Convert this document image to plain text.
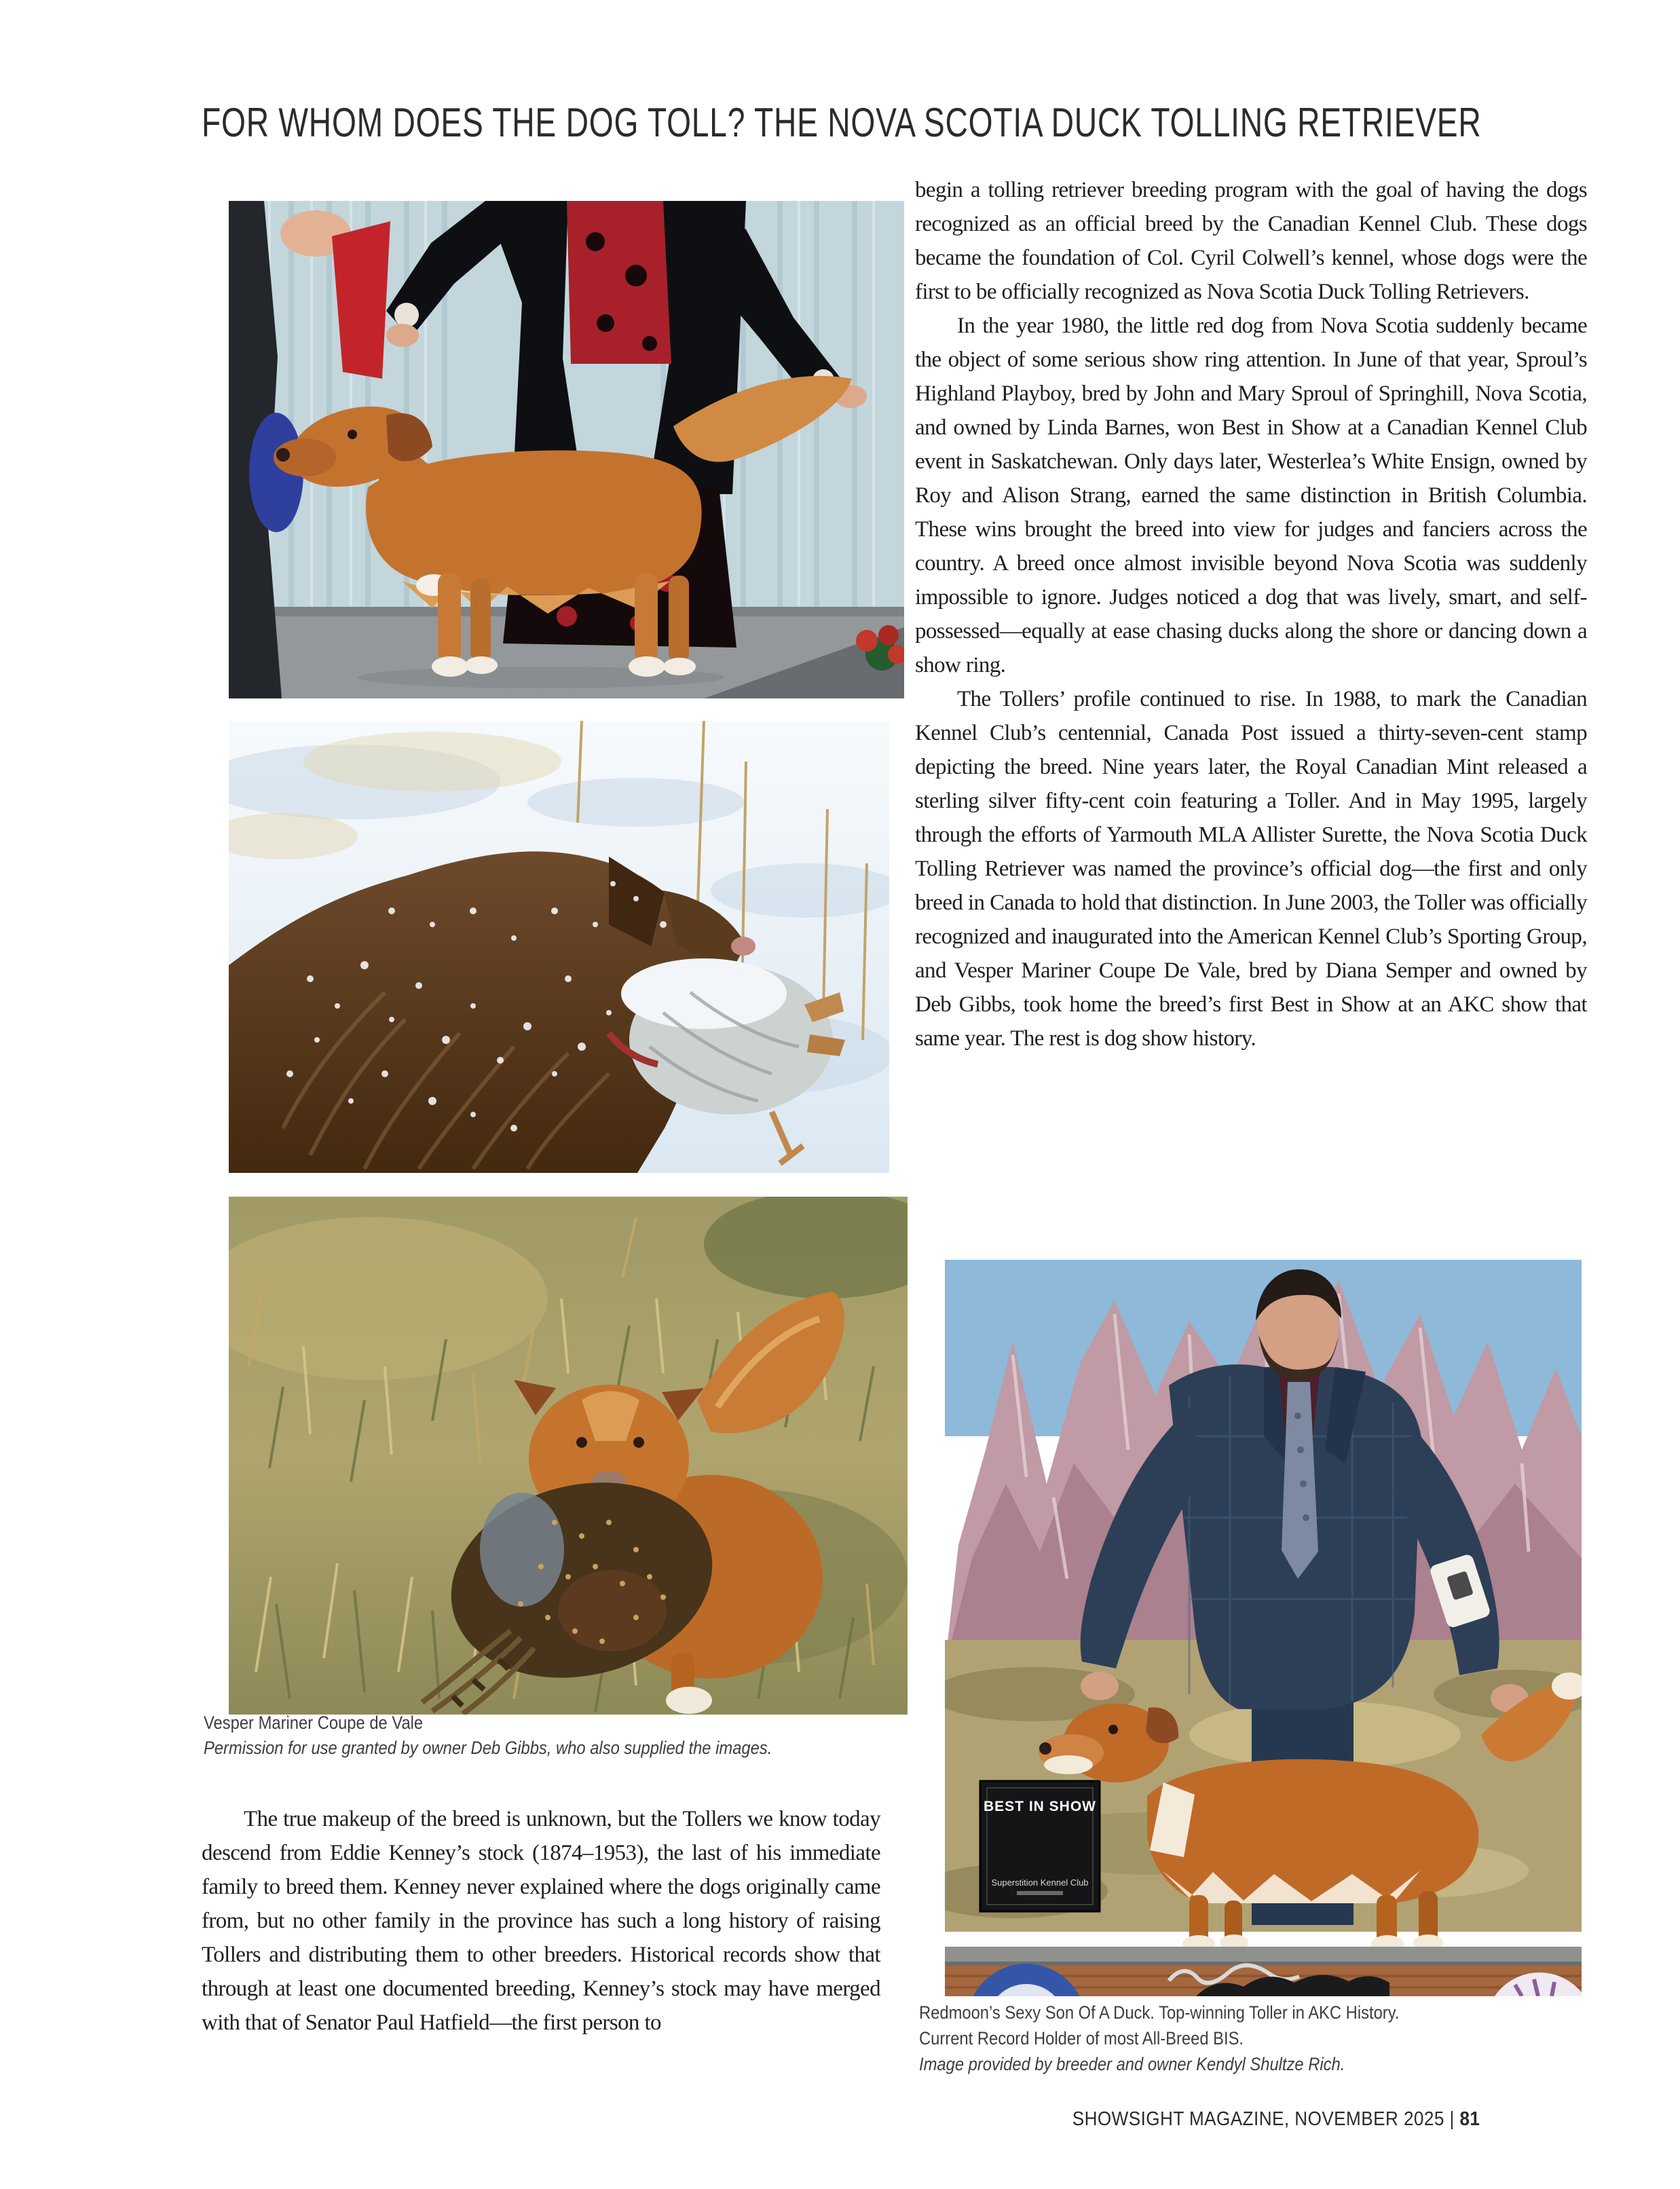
FOR WHOM DOES THE DOG TOLL? THE NOVA SCOTIA DUCK TOLLING RETRIEVER
BEST IN SHOW
Superstition Kennel Club
Vesper Mariner Coupe de Vale
Permission for use granted by owner Deb Gibbs, who also supplied the images.
Redmoon’s Sexy Son Of A Duck. Top-winning Toller in AKC History.
Current Record Holder of most All-Breed BIS.
Image provided by breeder and owner Kendyl Shultze Rich.

begin a tolling retriever breeding program with the goal of having the dogs recognized as an official breed by the Canadian Kennel Club. These dogs became the foundation of Col. Cyril Colwell’s kennel, whose dogs were the first to be officially recognized as Nova Scotia Duck Tolling Retrievers.

In the year 1980, the little red dog from Nova Scotia suddenly became the object of some serious show ring attention. In June of that year, Sproul’s Highland Playboy, bred by John and Mary Sproul of Springhill, Nova Scotia, and owned by Linda Barnes, won Best in Show at a Canadian Kennel Club event in Saskatchewan. Only days later, Westerlea’s White Ensign, owned by Roy and Alison Strang, earned the same distinction in British Columbia. These wins brought the breed into view for judges and fanciers across the country. A breed once almost invisible beyond Nova Scotia was suddenly impossible to ignore. Judges noticed a dog that was lively, smart, and self-possessed—equally at ease chasing ducks along the shore or dancing down a show ring.

The Tollers’ profile continued to rise. In 1988, to mark the Canadian Kennel Club’s centennial, Canada Post issued a thirty-seven-cent stamp depicting the breed. Nine years later, the Royal Canadian Mint released a sterling silver fifty-cent coin featuring a Toller. And in May 1995, largely through the efforts of Yarmouth MLA Allister Surette, the Nova Scotia Duck Tolling Retriever was named the province’s official dog—the first and only breed in Canada to hold that distinction. In June 2003, the Toller was officially recognized and inaugurated into the American Kennel Club’s Sporting Group, and Vesper Mariner Coupe De Vale, bred by Diana Semper and owned by Deb Gibbs, took home the breed’s first Best in Show at an AKC show that same year. The rest is dog show history.

The true makeup of the breed is unknown, but the Tollers we know today descend from Eddie Kenney’s stock (1874–1953), the last of his immediate family to breed them. Kenney never explained where the dogs originally came from, but no other family in the province has such a long history of raising Tollers and distributing them to other breeders. Historical records show that through at least one documented breeding, Kenney’s stock may have merged with that of Senator Paul Hatfield—the first person to

SHOWSIGHT MAGAZINE, NOVEMBER 2025 | 81
